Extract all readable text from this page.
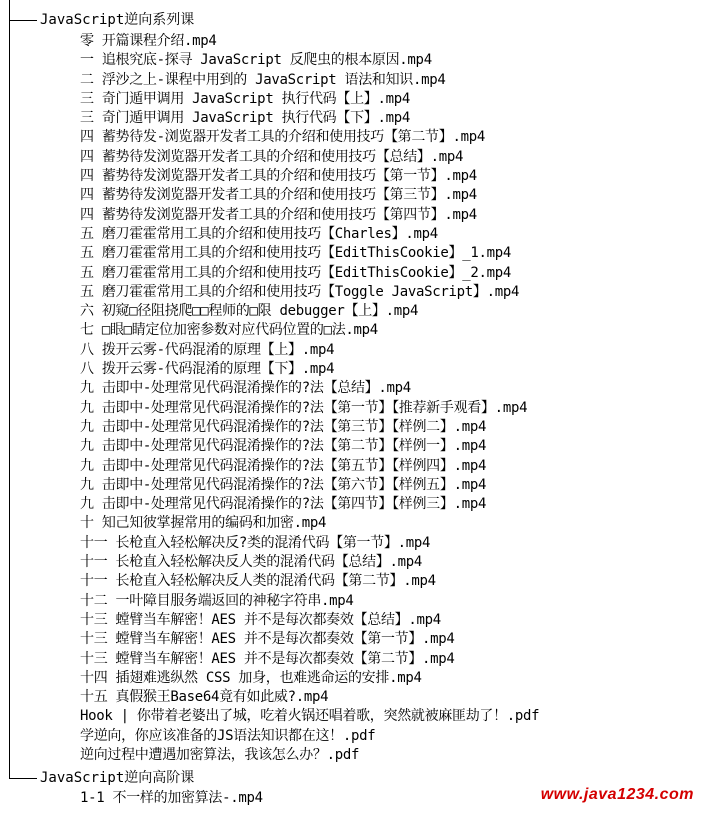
JavaScript逆向系列课
零 开篇课程介绍.mp4
一 追根究底-探寻 JavaScript 反爬虫的根本原因.mp4
二 浮沙之上-课程中用到的 JavaScript 语法和知识.mp4
三 奇门遁甲调用 JavaScript 执行代码【上】.mp4
三 奇门遁甲调用 JavaScript 执行代码【下】.mp4
四 蓄势待发-浏览器开发者工具的介绍和使用技巧【第二节】.mp4
四 蓄势待发浏览器开发者工具的介绍和使用技巧【总结】.mp4
四 蓄势待发浏览器开发者工具的介绍和使用技巧【第一节】.mp4
四 蓄势待发浏览器开发者工具的介绍和使用技巧【第三节】.mp4
四 蓄势待发浏览器开发者工具的介绍和使用技巧【第四节】.mp4
五 磨刀霍霍常用工具的介绍和使用技巧【Charles】.mp4
五 磨刀霍霍常用工具的介绍和使用技巧【EditThisCookie】_1.mp4
五 磨刀霍霍常用工具的介绍和使用技巧【EditThisCookie】_2.mp4
五 磨刀霍霍常用工具的介绍和使用技巧【Toggle JavaScript】.mp4
六 初窥□径阻挠爬□□程师的□限 debugger【上】.mp4
七 □眼□睛定位加密参数对应代码位置的□法.mp4
八 拨开云雾-代码混淆的原理【上】.mp4
八 拨开云雾-代码混淆的原理【下】.mp4
九 击即中-处理常见代码混淆操作的?法【总结】.mp4
九 击即中-处理常见代码混淆操作的?法【第一节】【推荐新手观看】.mp4
九 击即中-处理常见代码混淆操作的?法【第三节】【样例二】.mp4
九 击即中-处理常见代码混淆操作的?法【第二节】【样例一】.mp4
九 击即中-处理常见代码混淆操作的?法【第五节】【样例四】.mp4
九 击即中-处理常见代码混淆操作的?法【第六节】【样例五】.mp4
九 击即中-处理常见代码混淆操作的?法【第四节】【样例三】.mp4
十 知己知彼掌握常用的编码和加密.mp4
十一 长枪直入轻松解决反?类的混淆代码【第一节】.mp4
十一 长枪直入轻松解决反人类的混淆代码【总结】.mp4
十一 长枪直入轻松解决反人类的混淆代码【第二节】.mp4
十二 一叶障目服务端返回的神秘字符串.mp4
十三 螳臂当车解密！AES 并不是每次都奏效【总结】.mp4
十三 螳臂当车解密！AES 并不是每次都奏效【第一节】.mp4
十三 螳臂当车解密！AES 并不是每次都奏效【第二节】.mp4
十四 插翅难逃纵然 CSS 加身，也难逃命运的安排.mp4
十五 真假猴王Base64竟有如此威?.mp4
Hook | 你带着老婆出了城，吃着火锅还唱着歌，突然就被麻匪劫了！.pdf
学逆向，你应该准备的JS语法知识都在这！.pdf
逆向过程中遭遇加密算法，我该怎么办？.pdf
JavaScript逆向高阶课
1-1 不一样的加密算法-.mp4	www.java1234.com
